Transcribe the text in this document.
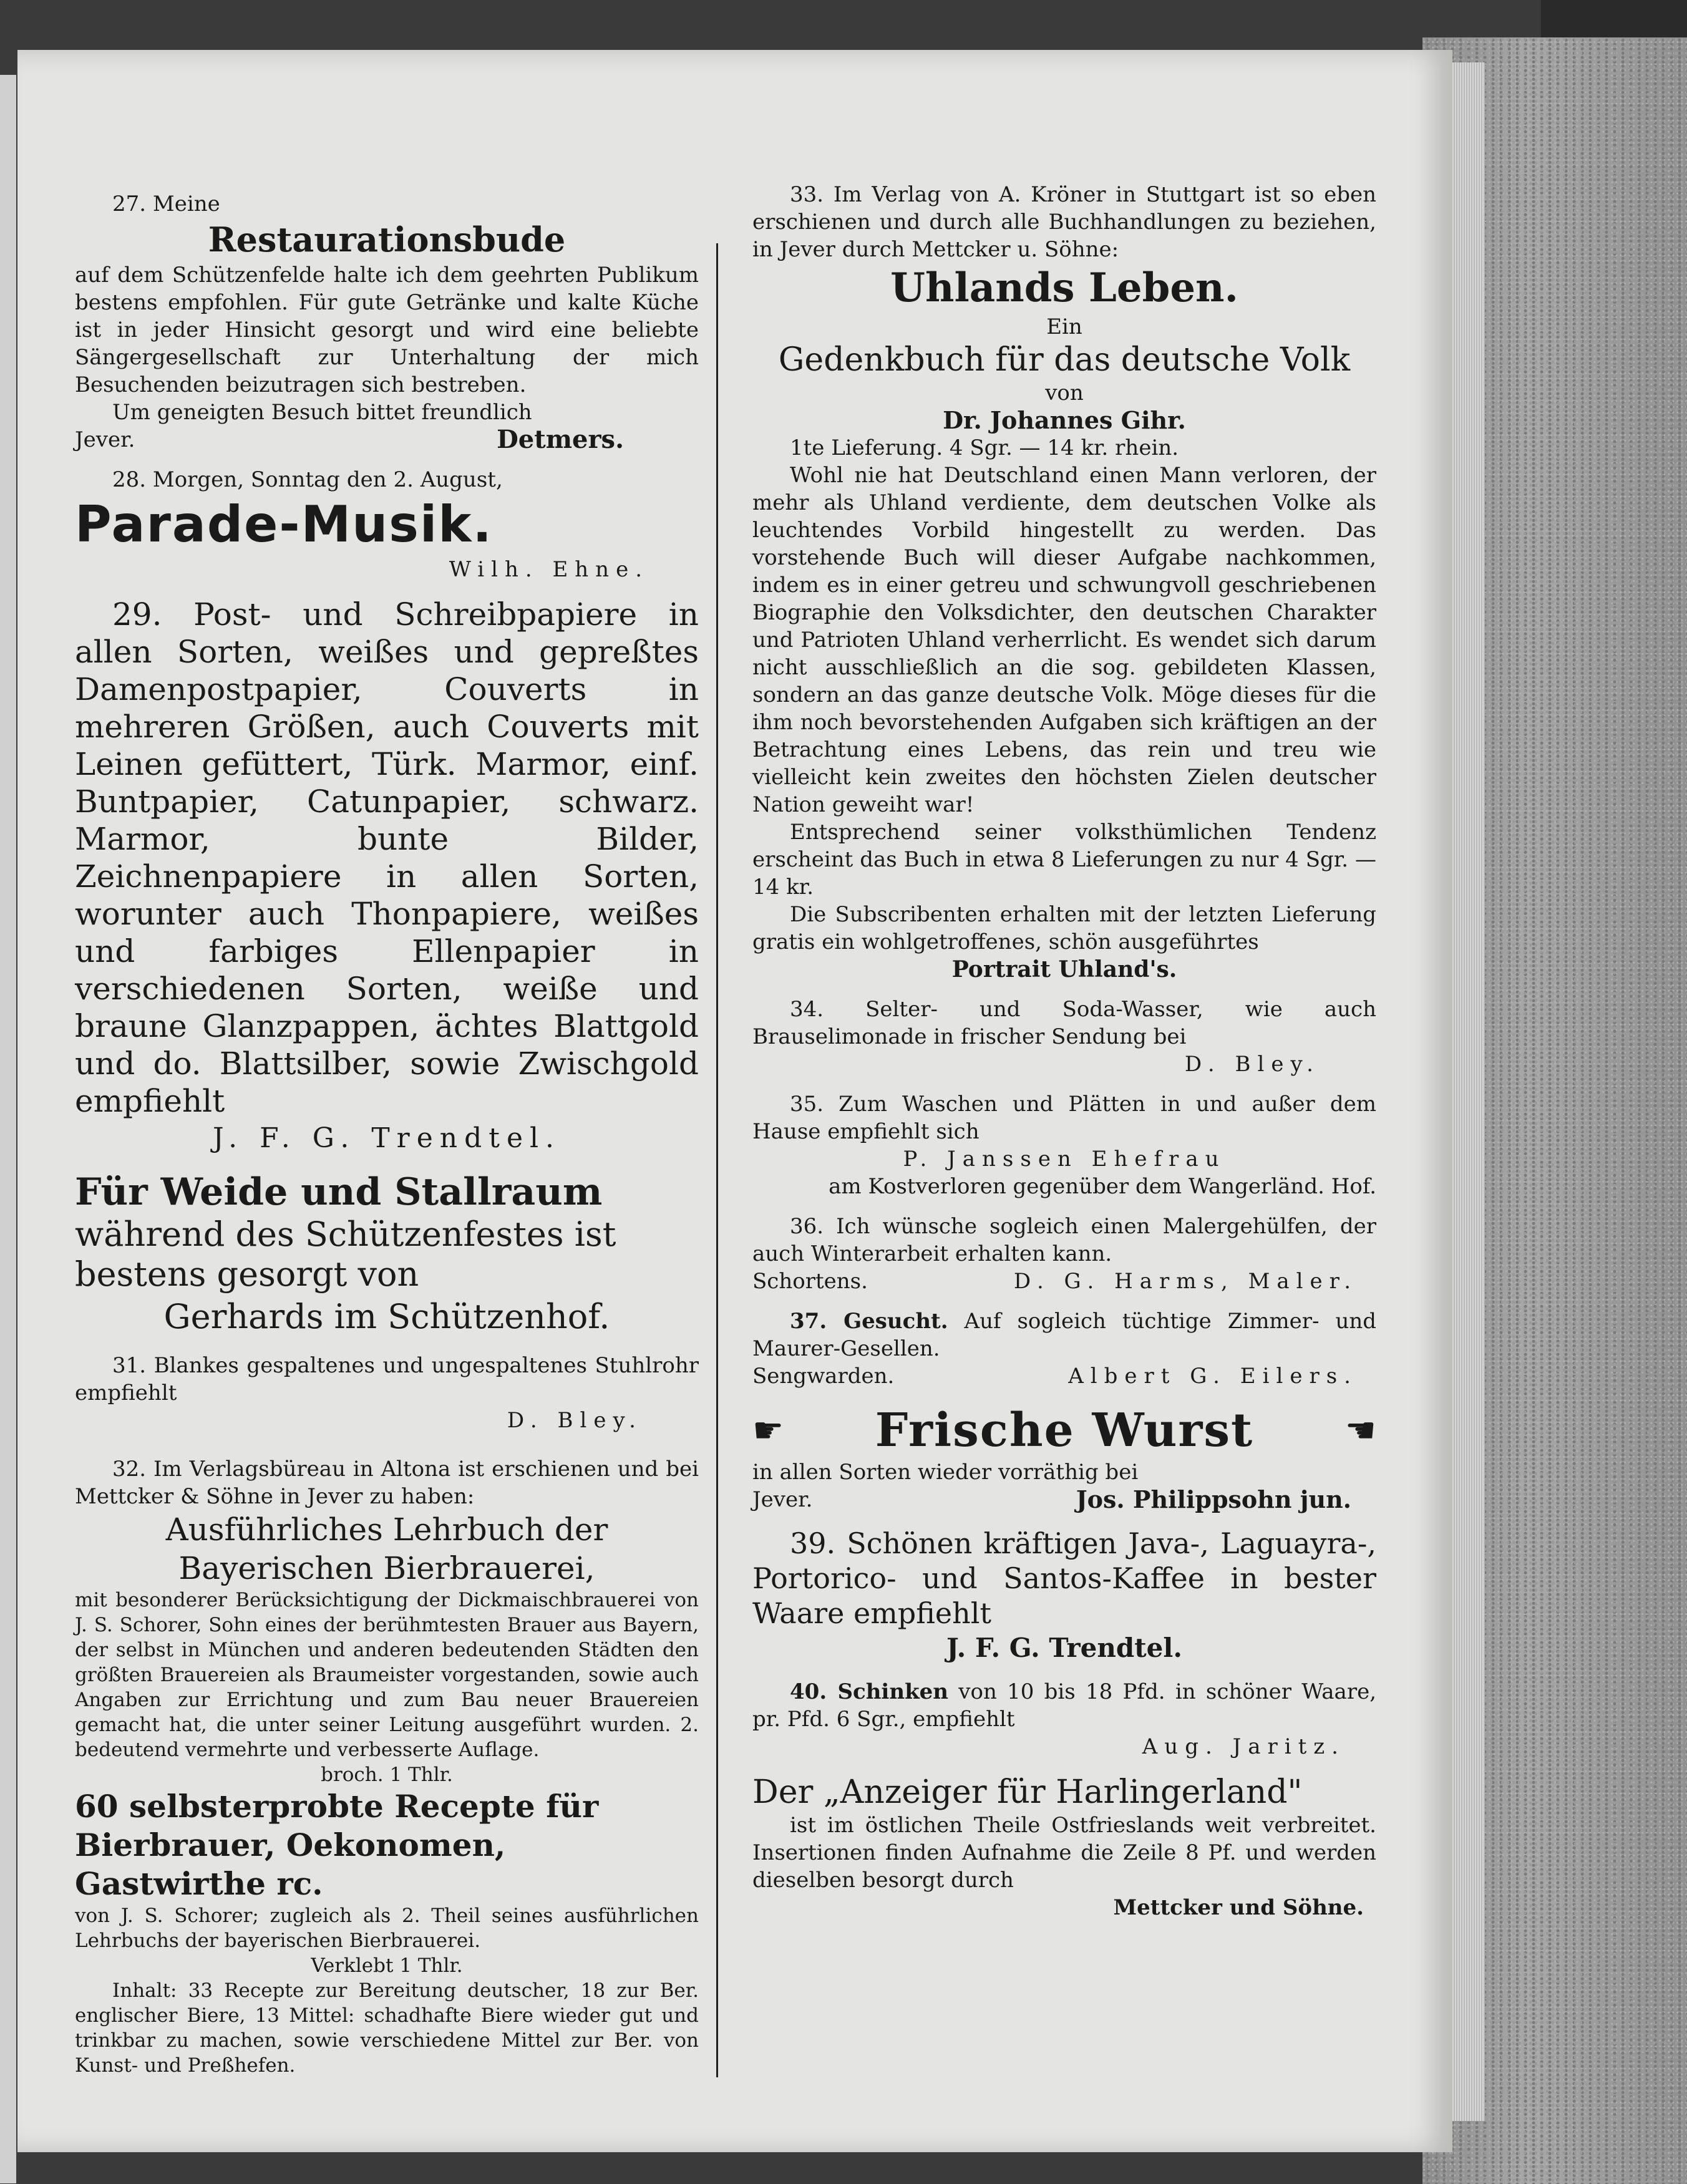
27. Meine

Restaurationsbude

auf dem Schützenfelde halte ich dem geehrten Publikum bestens empfohlen. Für gute Getränke und kalte Küche ist in jeder Hinsicht gesorgt und wird eine beliebte Sängergesellschaft zur Unterhaltung der mich Besuchenden beizutragen sich bestreben.

Um geneigten Besuch bittet freundlich

Jever.	Detmers.

28. Morgen, Sonntag den 2. August,

Parade-Musik.

Wilh. Ehne.

29. Post- und Schreibpapiere in allen Sorten, weißes und gepreßtes Damenpostpapier, Couverts in mehreren Größen, auch Couverts mit Leinen gefüttert, Türk. Marmor, einf. Buntpapier, Catunpapier, schwarz. Marmor, bunte Bilder, Zeichnenpapiere in allen Sorten, worunter auch Thonpapiere, weißes und farbiges Ellenpapier in verschiedenen Sorten, weiße und braune Glanzpappen, ächtes Blattgold und do. Blattsilber, sowie Zwischgold empfiehlt

J. F. G. Trendtel.

Für Weide und Stallraum

während des Schützenfestes ist bestens gesorgt von

Gerhards im Schützenhof.

31. Blankes gespaltenes und ungespaltenes Stuhlrohr empfiehlt

D. Bley.

32. Im Verlagsbüreau in Altona ist erschienen und bei Mettcker & Söhne in Jever zu haben:

Ausführliches Lehrbuch der Bayerischen Bierbrauerei,

mit besonderer Berücksichtigung der Dickmaischbrauerei von J. S. Schorer, Sohn eines der berühmtesten Brauer aus Bayern, der selbst in München und anderen bedeutenden Städten den größten Brauereien als Braumeister vorgestanden, sowie auch Angaben zur Errichtung und zum Bau neuer Brauereien gemacht hat, die unter seiner Leitung ausgeführt wurden. 2. bedeutend vermehrte und verbesserte Auflage.

broch. 1 Thlr.

60 selbsterprobte Recepte für Bierbrauer, Oekonomen, Gastwirthe rc.

von J. S. Schorer; zugleich als 2. Theil seines ausführlichen Lehrbuchs der bayerischen Bierbrauerei.

Verklebt 1 Thlr.

Inhalt: 33 Recepte zur Bereitung deutscher, 18 zur Ber. englischer Biere, 13 Mittel: schadhafte Biere wieder gut und trinkbar zu machen, sowie verschiedene Mittel zur Ber. von Kunst- und Preßhefen.

33. Im Verlag von A. Kröner in Stuttgart ist so eben erschienen und durch alle Buchhandlungen zu beziehen, in Jever durch Mettcker u. Söhne:

Uhlands Leben.

Ein

Gedenkbuch für das deutsche Volk

von

Dr. Johannes Gihr.

1te Lieferung. 4 Sgr. — 14 kr. rhein.

Wohl nie hat Deutschland einen Mann verloren, der mehr als Uhland verdiente, dem deutschen Volke als leuchtendes Vorbild hingestellt zu werden. Das vorstehende Buch will dieser Aufgabe nachkommen, indem es in einer getreu und schwungvoll geschriebenen Biographie den Volksdichter, den deutschen Charakter und Patrioten Uhland verherrlicht. Es wendet sich darum nicht ausschließlich an die sog. gebildeten Klassen, sondern an das ganze deutsche Volk. Möge dieses für die ihm noch bevorstehenden Aufgaben sich kräftigen an der Betrachtung eines Lebens, das rein und treu wie vielleicht kein zweites den höchsten Zielen deutscher Nation geweiht war!

Entsprechend seiner volksthümlichen Tendenz erscheint das Buch in etwa 8 Lieferungen zu nur 4 Sgr. — 14 kr.

Die Subscribenten erhalten mit der letzten Lieferung gratis ein wohlgetroffenes, schön ausgeführtes

Portrait Uhland's.

34. Selter- und Soda-Wasser, wie auch Brauselimonade in frischer Sendung bei

D. Bley.

35. Zum Waschen und Plätten in und außer dem Hause empfiehlt sich

P. Janssen Ehefrau

am Kostverloren gegenüber dem Wangerländ. Hof.

36. Ich wünsche sogleich einen Malergehülfen, der auch Winterarbeit erhalten kann.

Schortens.	D. G. Harms, Maler.

37. Gesucht. Auf sogleich tüchtige Zimmer- und Maurer-Gesellen.

Sengwarden.	Albert G. Eilers.

☛ Frische Wurst	☚

in allen Sorten wieder vorräthig bei

Jever.	Jos. Philippsohn jun.

39. Schönen kräftigen Java-, Laguayra-, Portorico- und Santos-Kaffee in bester Waare empfiehlt

J. F. G. Trendtel.

40. Schinken von 10 bis 18 Pfd. in schöner Waare, pr. Pfd. 6 Sgr., empfiehlt

Aug. Jaritz.

Der „Anzeiger für Harlingerland"

ist im östlichen Theile Ostfrieslands weit verbreitet. Insertionen finden Aufnahme die Zeile 8 Pf. und werden dieselben besorgt durch

Mettcker und Söhne.
